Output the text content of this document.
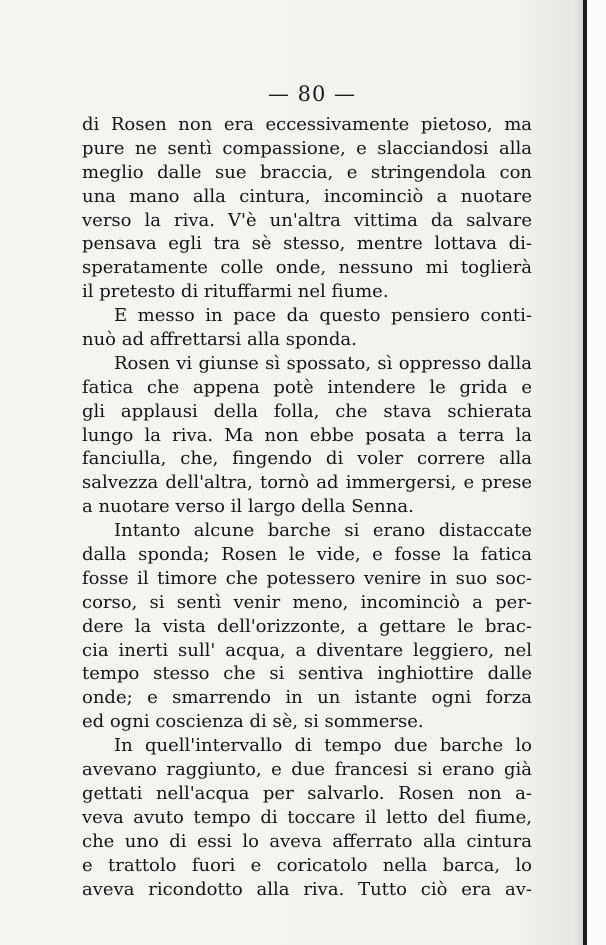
— 80 —
di Rosen non era eccessivamente pietoso, ma
pure ne sentì compassione, e slacciandosi alla
meglio dalle sue braccia, e stringendola con
una mano alla cintura, incominciò a nuotare
verso la riva. V'è un'altra vittima da salvare
pensava egli tra sè stesso, mentre lottava di-
speratamente colle onde, nessuno mi toglierà
il pretesto di rituffarmi nel fiume.
E messo in pace da questo pensiero conti-
nuò ad affrettarsi alla sponda.
Rosen vi giunse sì spossato, sì oppresso dalla
fatica che appena potè intendere le grida e
gli applausi della folla, che stava schierata
lungo la riva. Ma non ebbe posata a terra la
fanciulla, che, fingendo di voler correre alla
salvezza dell'altra, tornò ad immergersi, e prese
a nuotare verso il largo della Senna.
Intanto alcune barche si erano distaccate
dalla sponda; Rosen le vide, e fosse la fatica
fosse il timore che potessero venire in suo soc-
corso, si sentì venir meno, incominciò a per-
dere la vista dell'orizzonte, a gettare le brac-
cia inerti sull' acqua, a diventare leggiero, nel
tempo stesso che si sentiva inghiottire dalle
onde; e smarrendo in un istante ogni forza
ed ogni coscienza di sè, si sommerse.
In quell'intervallo di tempo due barche lo
avevano raggiunto, e due francesi si erano già
gettati nell'acqua per salvarlo. Rosen non a-
veva avuto tempo di toccare il letto del fiume,
che uno di essi lo aveva afferrato alla cintura
e trattolo fuori e coricatolo nella barca, lo
aveva ricondotto alla riva. Tutto ciò era av-
